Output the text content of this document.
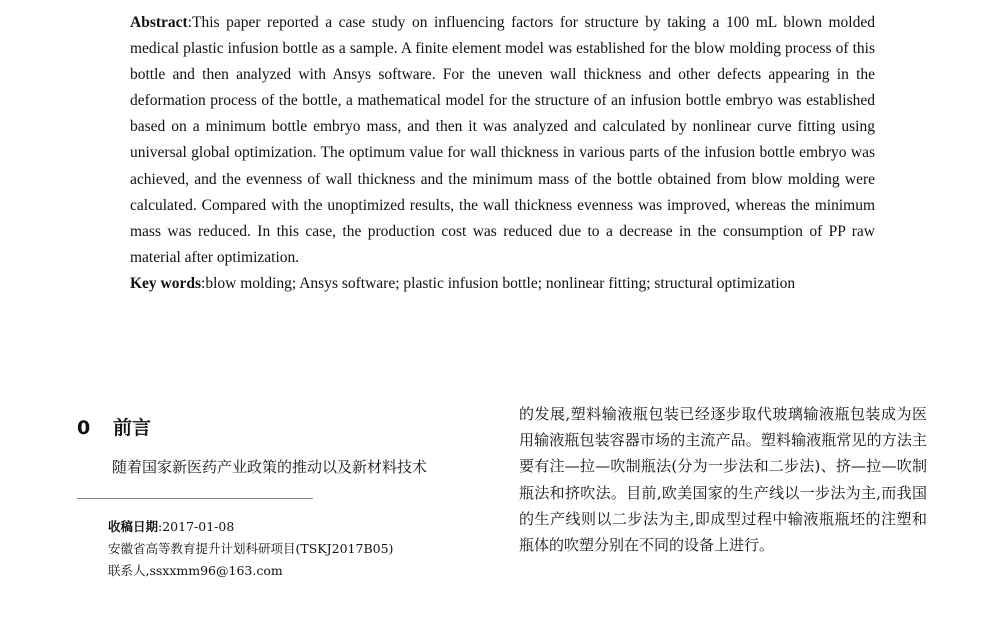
Abstract:This paper reported a case study on influencing factors for structure by taking a 100 mL blown molded medical plastic infusion bottle as a sample. A finite element model was established for the blow molding process of this bottle and then analyzed with Ansys software. For the uneven wall thickness and other defects appearing in the deformation process of the bottle, a mathematical model for the structure of an infusion bottle embryo was established based on a minimum bottle embryo mass, and then it was analyzed and calculated by nonlinear curve fitting using universal global optimization. The optimum value for wall thickness in various parts of the infusion bottle embryo was achieved, and the evenness of wall thickness and the minimum mass of the bottle obtained from blow molding were calculated. Compared with the unoptimized results, the wall thickness evenness was improved, whereas the minimum mass was reduced. In this case, the production cost was reduced due to a decrease in the consumption of PP raw material after optimization.

Key words:blow molding; Ansys software; plastic infusion bottle; nonlinear fitting; structural optimization

0 前言

随着国家新医药产业政策的推动以及新材料技术

收稿日期:2017-01-08
安徽省高等教育提升计划科研项目(TSKJ2017B05)
联系人,ssxxmm96@163.com

的发展,塑料输液瓶包装已经逐步取代玻璃输液瓶包装成为医用输液瓶包装容器市场的主流产品。塑料输液瓶常见的方法主要有注—拉—吹制瓶法(分为一步法和二步法)、挤—拉—吹制瓶法和挤吹法。目前,欧美国家的生产线以一步法为主,而我国的生产线则以二步法为主,即成型过程中输液瓶瓶坯的注塑和瓶体的吹塑分别在不同的设备上进行。
